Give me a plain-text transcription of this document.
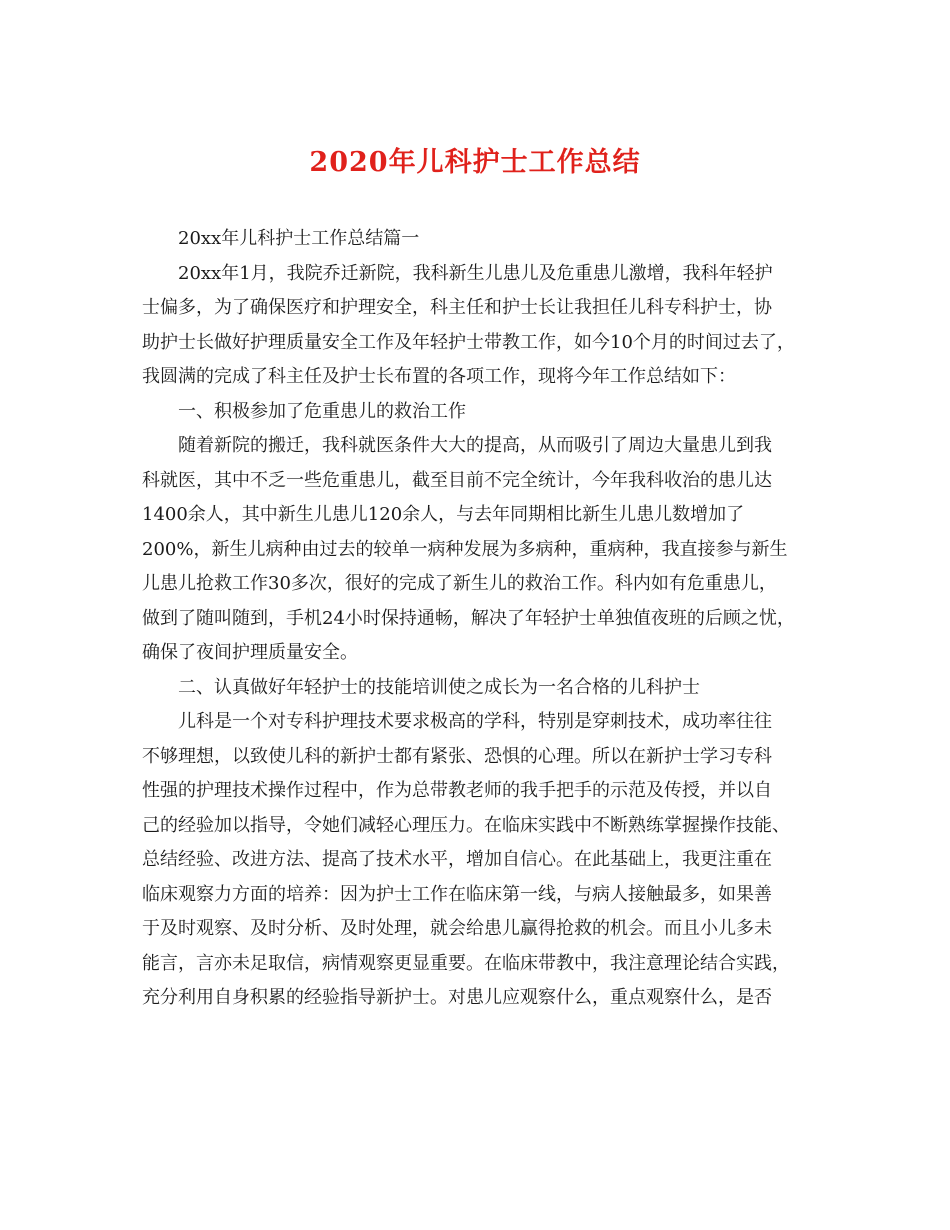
2020年儿科护士工作总结
20xx年儿科护士工作总结篇一
20xx年1月，我院乔迁新院，我科新生儿患儿及危重患儿激增，我科年轻护
士偏多，为了确保医疗和护理安全，科主任和护士长让我担任儿科专科护士，协
助护士长做好护理质量安全工作及年轻护士带教工作，如今10个月的时间过去了，
我圆满的完成了科主任及护士长布置的各项工作，现将今年工作总结如下：
一、积极参加了危重患儿的救治工作
随着新院的搬迁，我科就医条件大大的提高，从而吸引了周边大量患儿到我
科就医，其中不乏一些危重患儿，截至目前不完全统计，今年我科收治的患儿达
1400余人，其中新生儿患儿120余人，与去年同期相比新生儿患儿数增加了
200%，新生儿病种由过去的较单一病种发展为多病种，重病种，我直接参与新生
儿患儿抢救工作30多次，很好的完成了新生儿的救治工作。科内如有危重患儿，
做到了随叫随到，手机24小时保持通畅，解决了年轻护士单独值夜班的后顾之忧，
确保了夜间护理质量安全。
二、认真做好年轻护士的技能培训使之成长为一名合格的儿科护士
儿科是一个对专科护理技术要求极高的学科，特别是穿刺技术，成功率往往
不够理想，以致使儿科的新护士都有紧张、恐惧的心理。所以在新护士学习专科
性强的护理技术操作过程中，作为总带教老师的我手把手的示范及传授，并以自
己的经验加以指导，令她们减轻心理压力。在临床实践中不断熟练掌握操作技能、
总结经验、改进方法、提高了技术水平，增加自信心。在此基础上，我更注重在
临床观察力方面的培养：因为护士工作在临床第一线，与病人接触最多，如果善
于及时观察、及时分析、及时处理，就会给患儿赢得抢救的机会。而且小儿多未
能言，言亦未足取信，病情观察更显重要。在临床带教中，我注意理论结合实践，
充分利用自身积累的经验指导新护士。对患儿应观察什么，重点观察什么，是否
